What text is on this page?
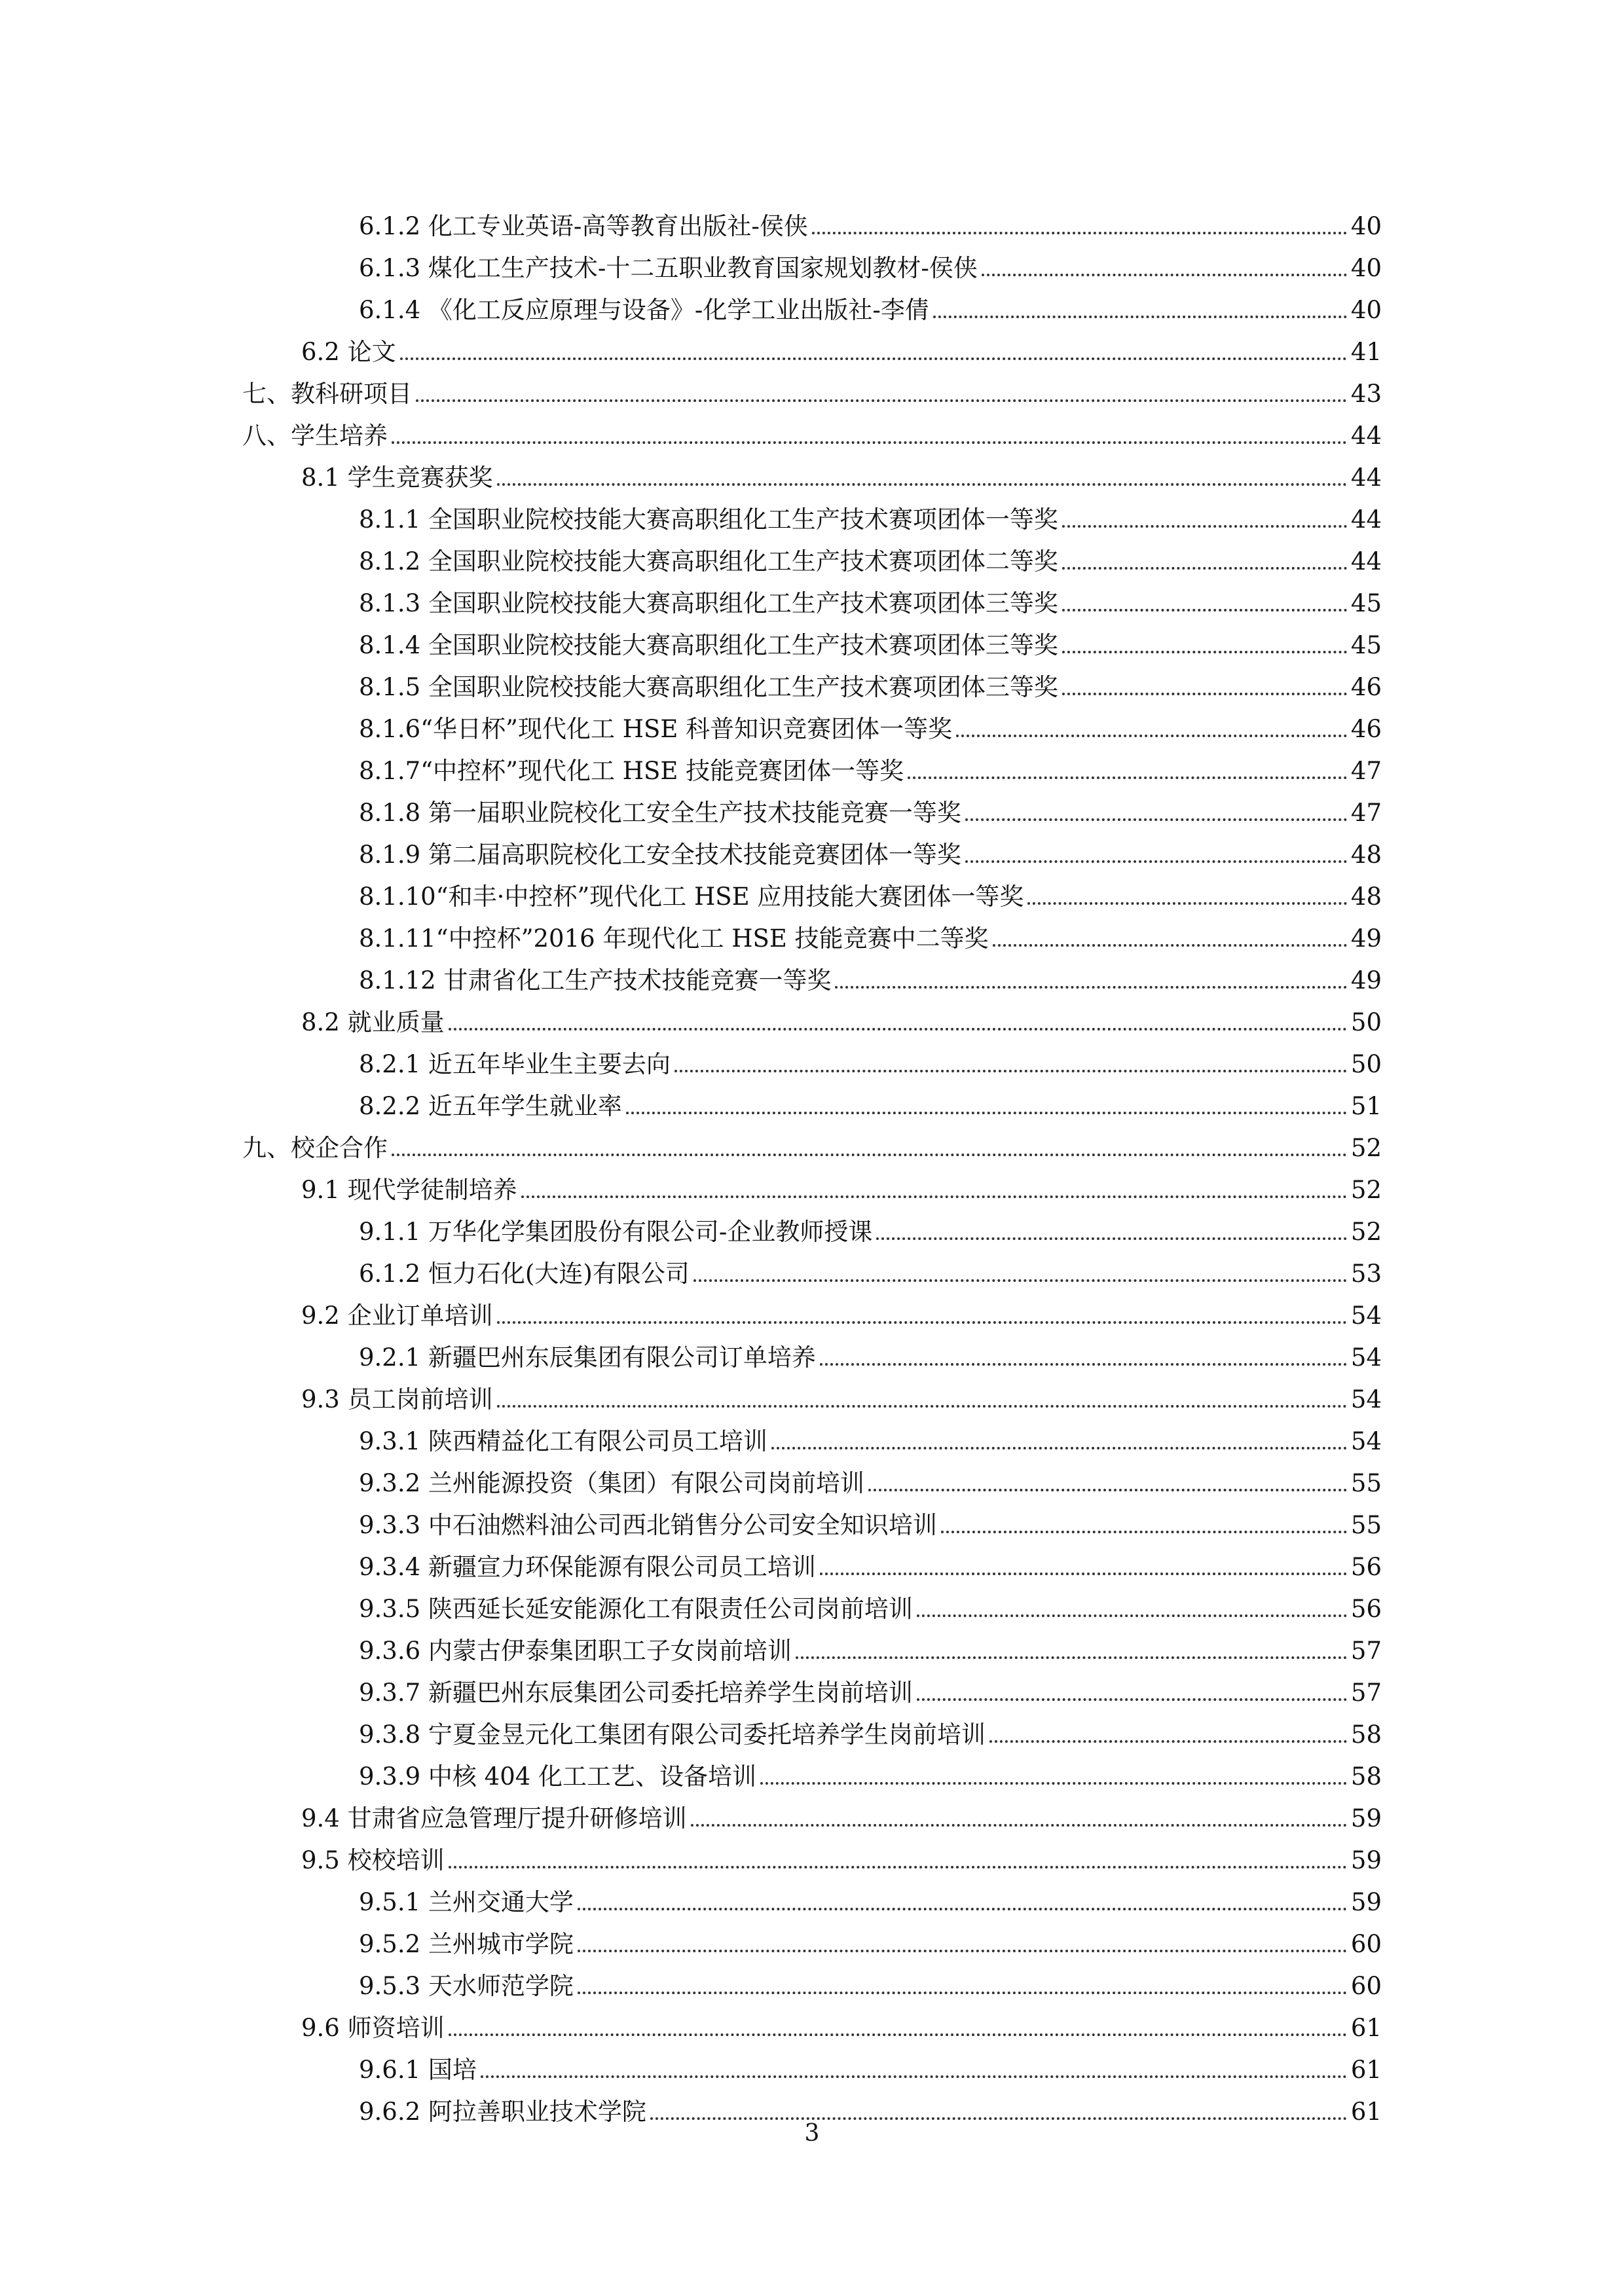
6.1.2 化工专业英语-高等教育出版社-侯侠	40
6.1.3 煤化工生产技术-十二五职业教育国家规划教材-侯侠	40
6.1.4 《化工反应原理与设备》-化学工业出版社-李倩	40
6.2 论文	41
七、教科研项目	43
八、学生培养	44
8.1 学生竞赛获奖	44
8.1.1 全国职业院校技能大赛高职组化工生产技术赛项团体一等奖	44
8.1.2 全国职业院校技能大赛高职组化工生产技术赛项团体二等奖	44
8.1.3 全国职业院校技能大赛高职组化工生产技术赛项团体三等奖	45
8.1.4 全国职业院校技能大赛高职组化工生产技术赛项团体三等奖	45
8.1.5 全国职业院校技能大赛高职组化工生产技术赛项团体三等奖	46
8.1.6“华日杯”现代化工 HSE 科普知识竞赛团体一等奖	46
8.1.7“中控杯”现代化工 HSE 技能竞赛团体一等奖	47
8.1.8 第一届职业院校化工安全生产技术技能竞赛一等奖	47
8.1.9 第二届高职院校化工安全技术技能竞赛团体一等奖	48
8.1.10“和丰·中控杯”现代化工 HSE 应用技能大赛团体一等奖	48
8.1.11“中控杯”2016 年现代化工 HSE 技能竞赛中二等奖	49
8.1.12 甘肃省化工生产技术技能竞赛一等奖	49
8.2 就业质量	50
8.2.1 近五年毕业生主要去向	50
8.2.2 近五年学生就业率	51
九、校企合作	52
9.1 现代学徒制培养	52
9.1.1 万华化学集团股份有限公司-企业教师授课	52
6.1.2 恒力石化(大连)有限公司	53
9.2 企业订单培训	54
9.2.1 新疆巴州东辰集团有限公司订单培养	54
9.3 员工岗前培训	54
9.3.1 陕西精益化工有限公司员工培训	54
9.3.2 兰州能源投资（集团）有限公司岗前培训	55
9.3.3 中石油燃料油公司西北销售分公司安全知识培训	55
9.3.4 新疆宣力环保能源有限公司员工培训	56
9.3.5 陕西延长延安能源化工有限责任公司岗前培训	56
9.3.6 内蒙古伊泰集团职工子女岗前培训	57
9.3.7 新疆巴州东辰集团公司委托培养学生岗前培训	57
9.3.8 宁夏金昱元化工集团有限公司委托培养学生岗前培训	58
9.3.9 中核 404 化工工艺、设备培训	58
9.4 甘肃省应急管理厅提升研修培训	59
9.5 校校培训	59
9.5.1 兰州交通大学	59
9.5.2 兰州城市学院	60
9.5.3 天水师范学院	60
9.6 师资培训	61
9.6.1 国培	61
9.6.2 阿拉善职业技术学院	61
3
